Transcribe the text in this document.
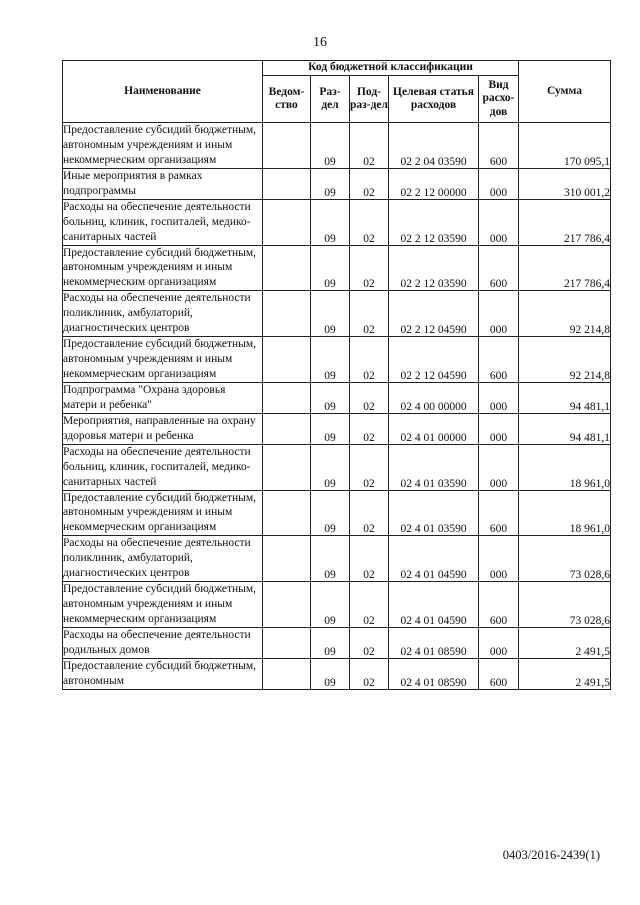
16
Наименование	Код бюджетной классификации					Сумма
	Ведом-ство	Раз-дел	Под-раз-дел	Целевая статья расходов	Вид расхо-дов	
Предоставление субсидий бюджетным, автономным учреждениям и иным некоммерческим организациям		09	02	02 2 04 03590	600	170 095,1
Иные мероприятия в рамках подпрограммы		09	02	02 2 12 00000	000	310 001,2
Расходы на обеспечение деятельности больниц, клиник, госпиталей, медико-санитарных частей		09	02	02 2 12 03590	000	217 786,4
Предоставление субсидий бюджетным, автономным учреждениям и иным некоммерческим организациям		09	02	02 2 12 03590	600	217 786,4
Расходы на обеспечение деятельности поликлиник, амбулаторий, диагностических центров		09	02	02 2 12 04590	000	92 214,8
Предоставление субсидий бюджетным, автономным учреждениям и иным некоммерческим организациям		09	02	02 2 12 04590	600	92 214,8
Подпрограмма "Охрана здоровья матери и ребенка"		09	02	02 4 00 00000	000	94 481,1
Мероприятия, направленные на охрану здоровья матери и ребенка		09	02	02 4 01 00000	000	94 481,1
Расходы на обеспечение деятельности больниц, клиник, госпиталей, медико-санитарных частей		09	02	02 4 01 03590	000	18 961,0
Предоставление субсидий бюджетным, автономным учреждениям и иным некоммерческим организациям		09	02	02 4 01 03590	600	18 961,0
Расходы на обеспечение деятельности поликлиник, амбулаторий, диагностических центров		09	02	02 4 01 04590	000	73 028,6
Предоставление субсидий бюджетным, автономным учреждениям и иным некоммерческим организациям		09	02	02 4 01 04590	600	73 028,6
Расходы на обеспечение деятельности родильных домов		09	02	02 4 01 08590	000	2 491,5
Предоставление субсидий бюджетным, автономным		09	02	02 4 01 08590	600	2 491,5
0403/2016-2439(1)
